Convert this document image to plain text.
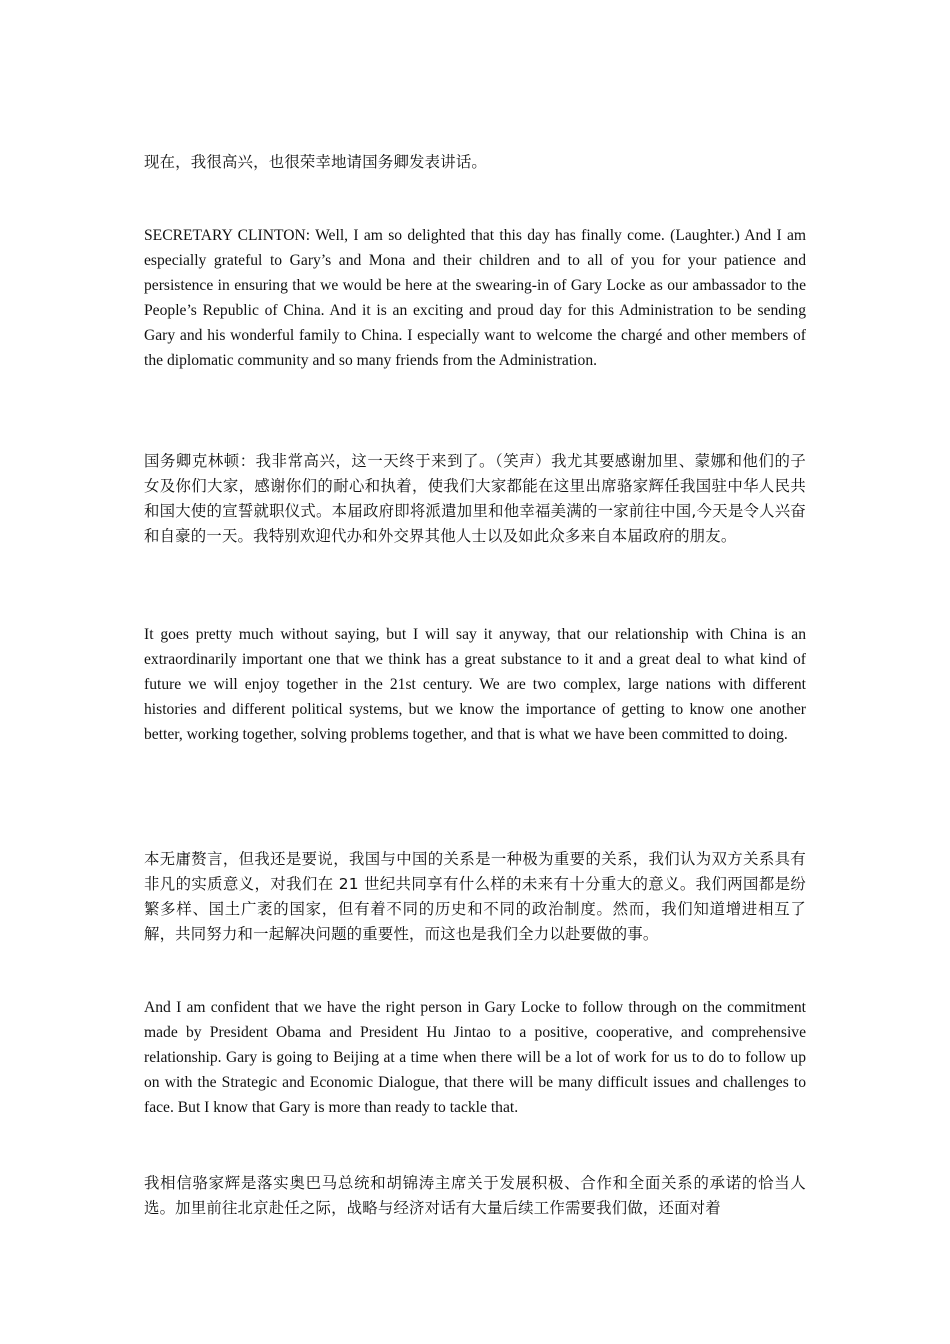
现在，我很高兴，也很荣幸地请国务卿发表讲话。

SECRETARY CLINTON: Well, I am so delighted that this day has finally come. (Laughter.) And I am especially grateful to Gary’s and Mona and their children and to all of you for your patience and persistence in ensuring that we would be here at the swearing-in of Gary Locke as our ambassador to the People’s Republic of China. And it is an exciting and proud day for this Administration to be sending Gary and his wonderful family to China. I especially want to welcome the chargé and other members of the diplomatic community and so many friends from the Administration.

国务卿克林顿：我非常高兴，这一天终于来到了。（笑声）我尤其要感谢加里、蒙娜和他们的子女及你们大家，感谢你们的耐心和执着，使我们大家都能在这里出席骆家辉任我国驻中华人民共和国大使的宣誓就职仪式。本届政府即将派遣加里和他幸福美满的一家前往中国,今天是令人兴奋和自豪的一天。我特别欢迎代办和外交界其他人士以及如此众多来自本届政府的朋友。

It goes pretty much without saying, but I will say it anyway, that our relationship with China is an extraordinarily important one that we think has a great substance to it and a great deal to what kind of future we will enjoy together in the 21st century. We are two complex, large nations with different histories and different political systems, but we know the importance of getting to know one another better, working together, solving problems together, and that is what we have been committed to doing.

本无庸赘言，但我还是要说，我国与中国的关系是一种极为重要的关系，我们认为双方关系具有非凡的实质意义，对我们在 21 世纪共同享有什么样的未来有十分重大的意义。我们两国都是纷繁多样、国土广袤的国家，但有着不同的历史和不同的政治制度。然而，我们知道增进相互了解，共同努力和一起解决问题的重要性，而这也是我们全力以赴要做的事。

And I am confident that we have the right person in Gary Locke to follow through on the commitment made by President Obama and President Hu Jintao to a positive, cooperative, and comprehensive relationship. Gary is going to Beijing at a time when there will be a lot of work for us to do to follow up on with the Strategic and Economic Dialogue, that there will be many difficult issues and challenges to face. But I know that Gary is more than ready to tackle that.

我相信骆家辉是落实奥巴马总统和胡锦涛主席关于发展积极、合作和全面关系的承诺的恰当人选。加里前往北京赴任之际，战略与经济对话有大量后续工作需要我们做，还面对着
